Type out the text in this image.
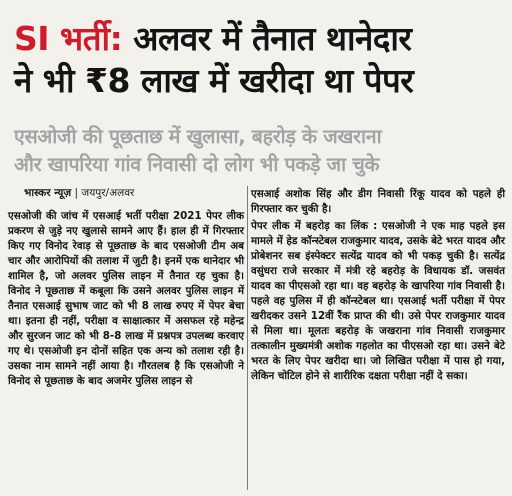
SI भर्ती: अलवर में तैनात थानेदार
ने भी ₹8 लाख में खरीदा था पेपर
एसओजी की पूछताछ में खुलासा, बहरोड़ के जखराना
और खापरिया गांव निवासी दो लोग भी पकड़े जा चुके
भास्कर न्यूज़ | जयपुर/अलवर

एसओजी की जांच में एसआई भर्ती परीक्षा 2021 पेपर लीक प्रकरण से जुड़े नए खुलासे सामने आए हैं। हाल ही में गिरफ्तार किए गए विनोद रेवाड़ से पूछताछ के बाद एसओजी टीम अब चार और आरोपियों की तलाश में जुटी है। इनमें एक थानेदार भी शामिल है, जो अलवर पुलिस लाइन में तैनात रह चुका है। विनोद ने पूछताछ में कबूला कि उसने अलवर पुलिस लाइन में तैनात एसआई सुभाष जाट को भी 8 लाख रुपए में पेपर बेचा था। इतना ही नहीं, परीक्षा व साक्षात्कार में असफल रहे महेन्द्र और सुरजन जाट को भी 8-8 लाख में प्रश्नपत्र उपलब्ध करवाए गए थे। एसओजी इन दोनों सहित एक अन्य को तलाश रही है। उसका नाम सामने नहीं आया है। गौरतलब है कि एसओजी ने विनोद से पूछताछ के बाद अजमेर पुलिस लाइन से

एसआई अशोक सिंह और डीग निवासी रिंकू यादव को पहले ही गिरफ्तार कर चुकी है।

पेपर लीक में बहरोड़ का लिंक : एसओजी ने एक माह पहले इस मामले में हेड कॉन्स्टेबल राजकुमार यादव, उसके बेटे भरत यादव और प्रोबेशनर सब इंस्पेक्टर सत्येंद्र यादव को भी पकड़ चुकी है। सत्येंद्र वसुंधरा राजे सरकार में मंत्री रहे बहरोड़ के विधायक डॉ. जसवंत यादव का पीएसओ रहा था। वह बहरोड़ के खापरिया गांव निवासी है। पहले वह पुलिस में ही कॉन्स्टेबल था। एसआई भर्ती परीक्षा में पेपर खरीदकर उसने 12वीं रैंक प्राप्त की थी। उसे पेपर राजकुमार यादव से मिला था। मूलतः बहरोड़ के जखराना गांव निवासी राजकुमार तत्कालीन मुख्यमंत्री अशोक गहलोत का पीएसओ रहा था। उसने बेटे भरत के लिए पेपर खरीदा था। जो लिखित परीक्षा में पास हो गया, लेकिन चोटिल होने से शारीरिक दक्षता परीक्षा नहीं दे सका।
